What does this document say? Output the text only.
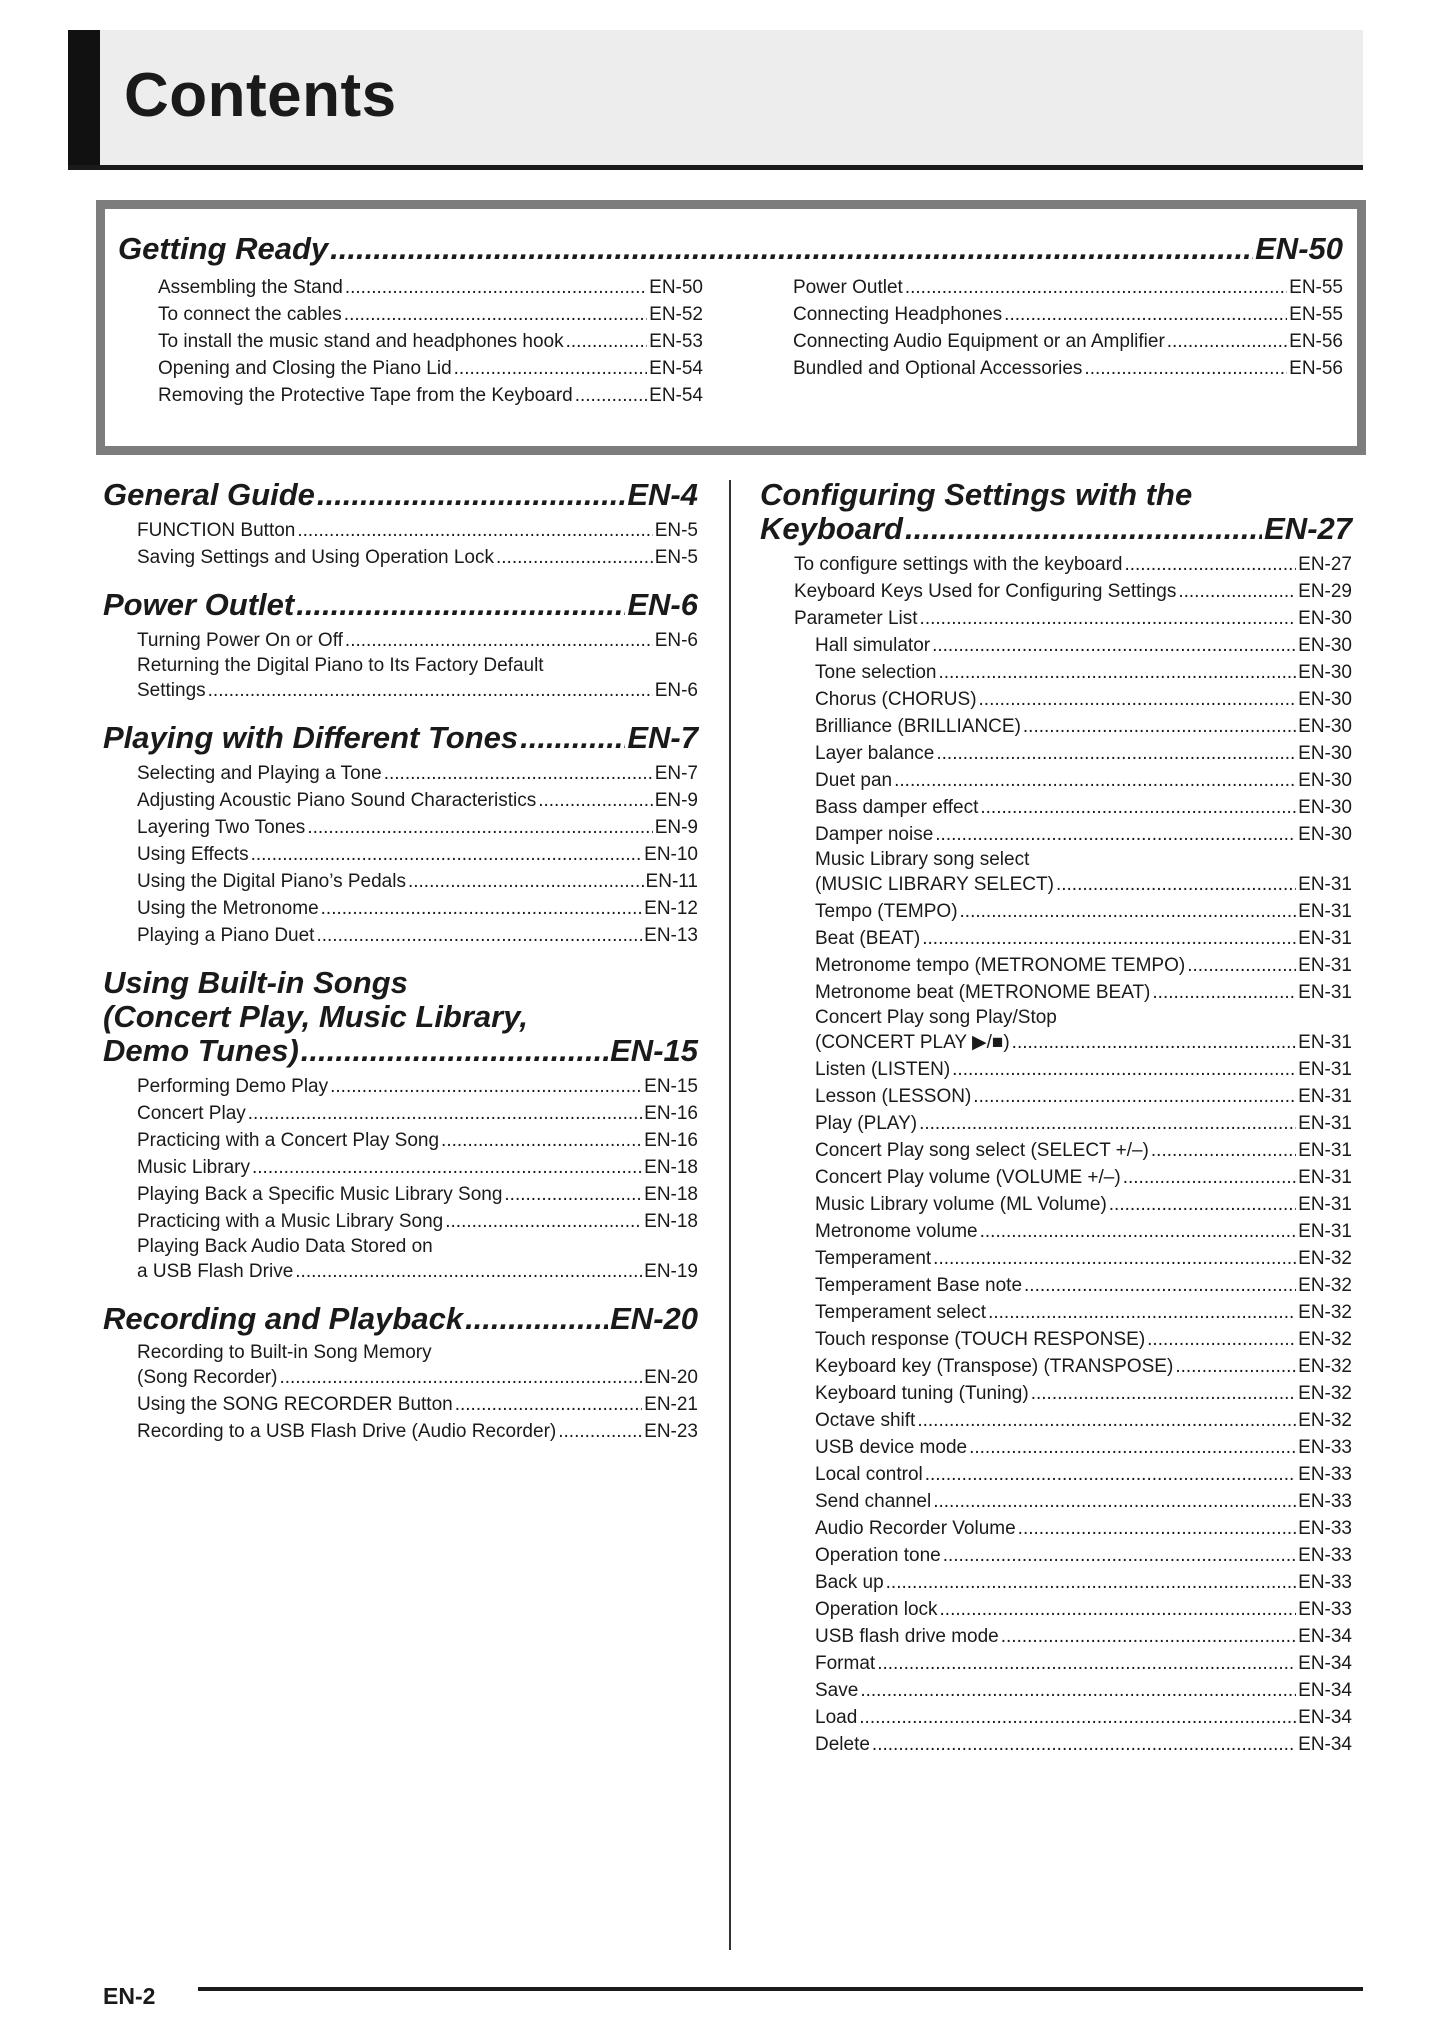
Contents
Getting Ready .....	EN-50
Assembling the Stand .....	EN-50
To connect the cables .....	EN-52
To install the music stand and headphones hook .....	EN-53
Opening and Closing the Piano Lid .....	EN-54
Removing the Protective Tape from the Keyboard .....	EN-54
Power Outlet .....	EN-55
Connecting Headphones .....	EN-55
Connecting Audio Equipment or an Amplifier .....	EN-56
Bundled and Optional Accessories .....	EN-56
General Guide .....	EN-4
FUNCTION Button .....	EN-5
Saving Settings and Using Operation Lock .....	EN-5
Power Outlet .....	EN-6
Turning Power On or Off .....	EN-6
Returning the Digital Piano to Its Factory Default
Settings .....	EN-6
Playing with Different Tones .....	EN-7
Selecting and Playing a Tone .....	EN-7
Adjusting Acoustic Piano Sound Characteristics .....	EN-9
Layering Two Tones .....	EN-9
Using Effects .....	EN-10
Using the Digital Piano’s Pedals .....	EN-11
Using the Metronome .....	EN-12
Playing a Piano Duet .....	EN-13
Using Built-in Songs
(Concert Play, Music Library,
Demo Tunes) .....	EN-15
Performing Demo Play .....	EN-15
Concert Play .....	EN-16
Practicing with a Concert Play Song .....	EN-16
Music Library .....	EN-18
Playing Back a Specific Music Library Song .....	EN-18
Practicing with a Music Library Song .....	EN-18
Playing Back Audio Data Stored on
a USB Flash Drive .....	EN-19
Recording and Playback .....	EN-20
Recording to Built-in Song Memory
(Song Recorder) .....	EN-20
Using the SONG RECORDER Button .....	EN-21
Recording to a USB Flash Drive (Audio Recorder) .....	EN-23
Configuring Settings with the
Keyboard .....	EN-27
To configure settings with the keyboard .....	EN-27
Keyboard Keys Used for Configuring Settings .....	EN-29
Parameter List .....	EN-30
Hall simulator .....	EN-30
Tone selection .....	EN-30
Chorus (CHORUS) .....	EN-30
Brilliance (BRILLIANCE) .....	EN-30
Layer balance .....	EN-30
Duet pan .....	EN-30
Bass damper effect .....	EN-30
Damper noise .....	EN-30
Music Library song select
(MUSIC LIBRARY SELECT) .....	EN-31
Tempo (TEMPO) .....	EN-31
Beat (BEAT) .....	EN-31
Metronome tempo (METRONOME TEMPO) .....	EN-31
Metronome beat (METRONOME BEAT) .....	EN-31
Concert Play song Play/Stop
(CONCERT PLAY ▶/■) .....	EN-31
Listen (LISTEN) .....	EN-31
Lesson (LESSON) .....	EN-31
Play (PLAY) .....	EN-31
Concert Play song select (SELECT +/–) .....	EN-31
Concert Play volume (VOLUME +/–) .....	EN-31
Music Library volume (ML Volume) .....	EN-31
Metronome volume .....	EN-31
Temperament .....	EN-32
Temperament Base note .....	EN-32
Temperament select .....	EN-32
Touch response (TOUCH RESPONSE) .....	EN-32
Keyboard key (Transpose) (TRANSPOSE) .....	EN-32
Keyboard tuning (Tuning) .....	EN-32
Octave shift .....	EN-32
USB device mode .....	EN-33
Local control .....	EN-33
Send channel .....	EN-33
Audio Recorder Volume .....	EN-33
Operation tone .....	EN-33
Back up .....	EN-33
Operation lock .....	EN-33
USB flash drive mode .....	EN-34
Format .....	EN-34
Save .....	EN-34
Load .....	EN-34
Delete .....	EN-34
EN-2
